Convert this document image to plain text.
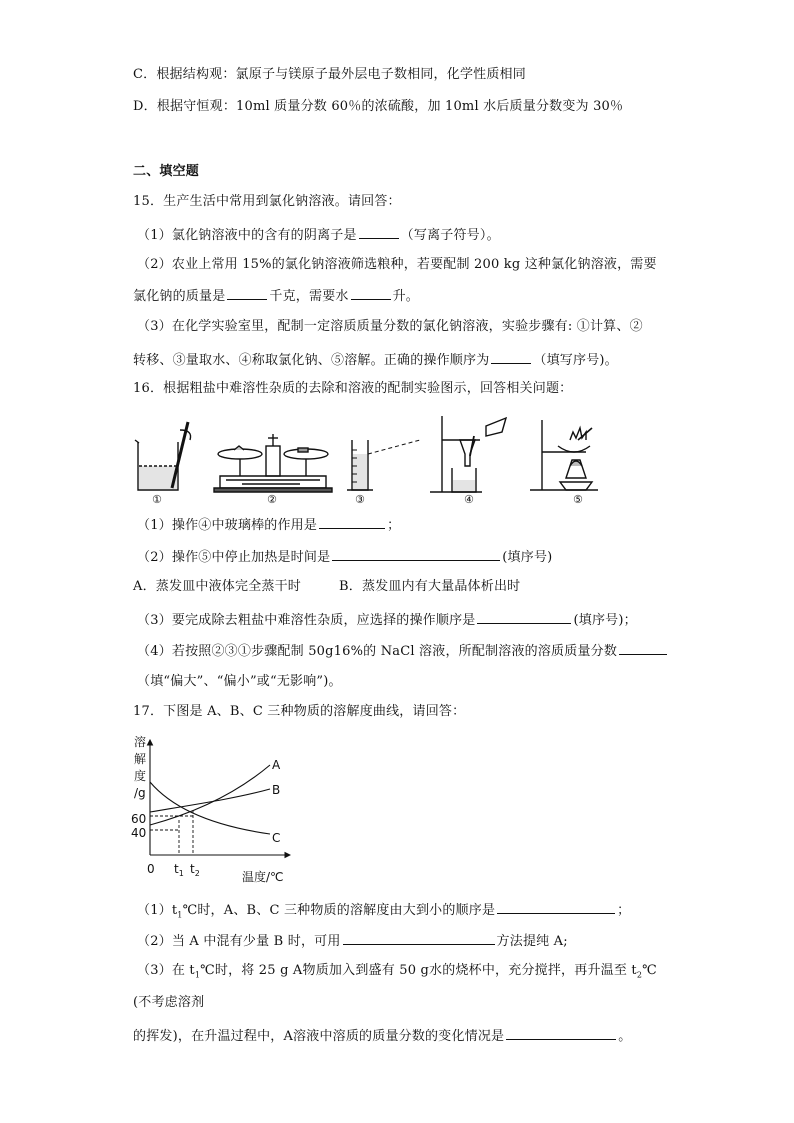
C．根据结构观：氯原子与镁原子最外层电子数相同，化学性质相同
D．根据守恒观：10ml 质量分数 60％的浓硫酸，加 10ml 水后质量分数变为 30％
二、填空题
15．生产生活中常用到氯化钠溶液。请回答：
（1）氯化钠溶液中的含有的阴离子是	（写离子符号）。
（2）农业上常用 15%的氯化钠溶液筛选粮种，若要配制 200 kg 这种氯化钠溶液，需要
氯化钠的质量是	千克，需要水	升。
（3）在化学实验室里，配制一定溶质质量分数的氯化钠溶液，实验步骤有: ①计算、②
转移、③量取水、④称取氯化钠、⑤溶解。正确的操作顺序为	（填写序号)。
16．根据粗盐中难溶性杂质的去除和溶液的配制实验图示，回答相关问题：
①	②	③	④	⑤
（1）操作④中玻璃棒的作用是	；
（2）操作⑤中停止加热是时间是	(填序号)
A．蒸发皿中液体完全蒸干时	B．蒸发皿内有大量晶体析出时
（3）要完成除去粗盐中难溶性杂质，应选择的操作顺序是	(填序号)；
（4）若按照②③①步骤配制 50g16%的 NaCl 溶液，所配制溶液的溶质质量分数
（填“偏大”、“偏小”或“无影响”)。
17．下图是 A、B、C 三种物质的溶解度曲线，请回答：
溶
解
度
/g
60
40
0 $t_1$ $t_2$	温度/℃
A
B
C
$(1)t_1℃$时，A、B、C 三种物质的溶解度由大到小的顺序是	；
（2）当 A 中混有少量 B 时，可用	方法提纯 A;
（3）在 $t_1℃$时，将 25 g A物质加入到盛有 50 g水的烧杯中，充分搅拌，再升温至 $t_2℃$
(不考虑溶剂
的挥发)，在升温过程中，A溶液中溶质的质量分数的变化情况是	。
